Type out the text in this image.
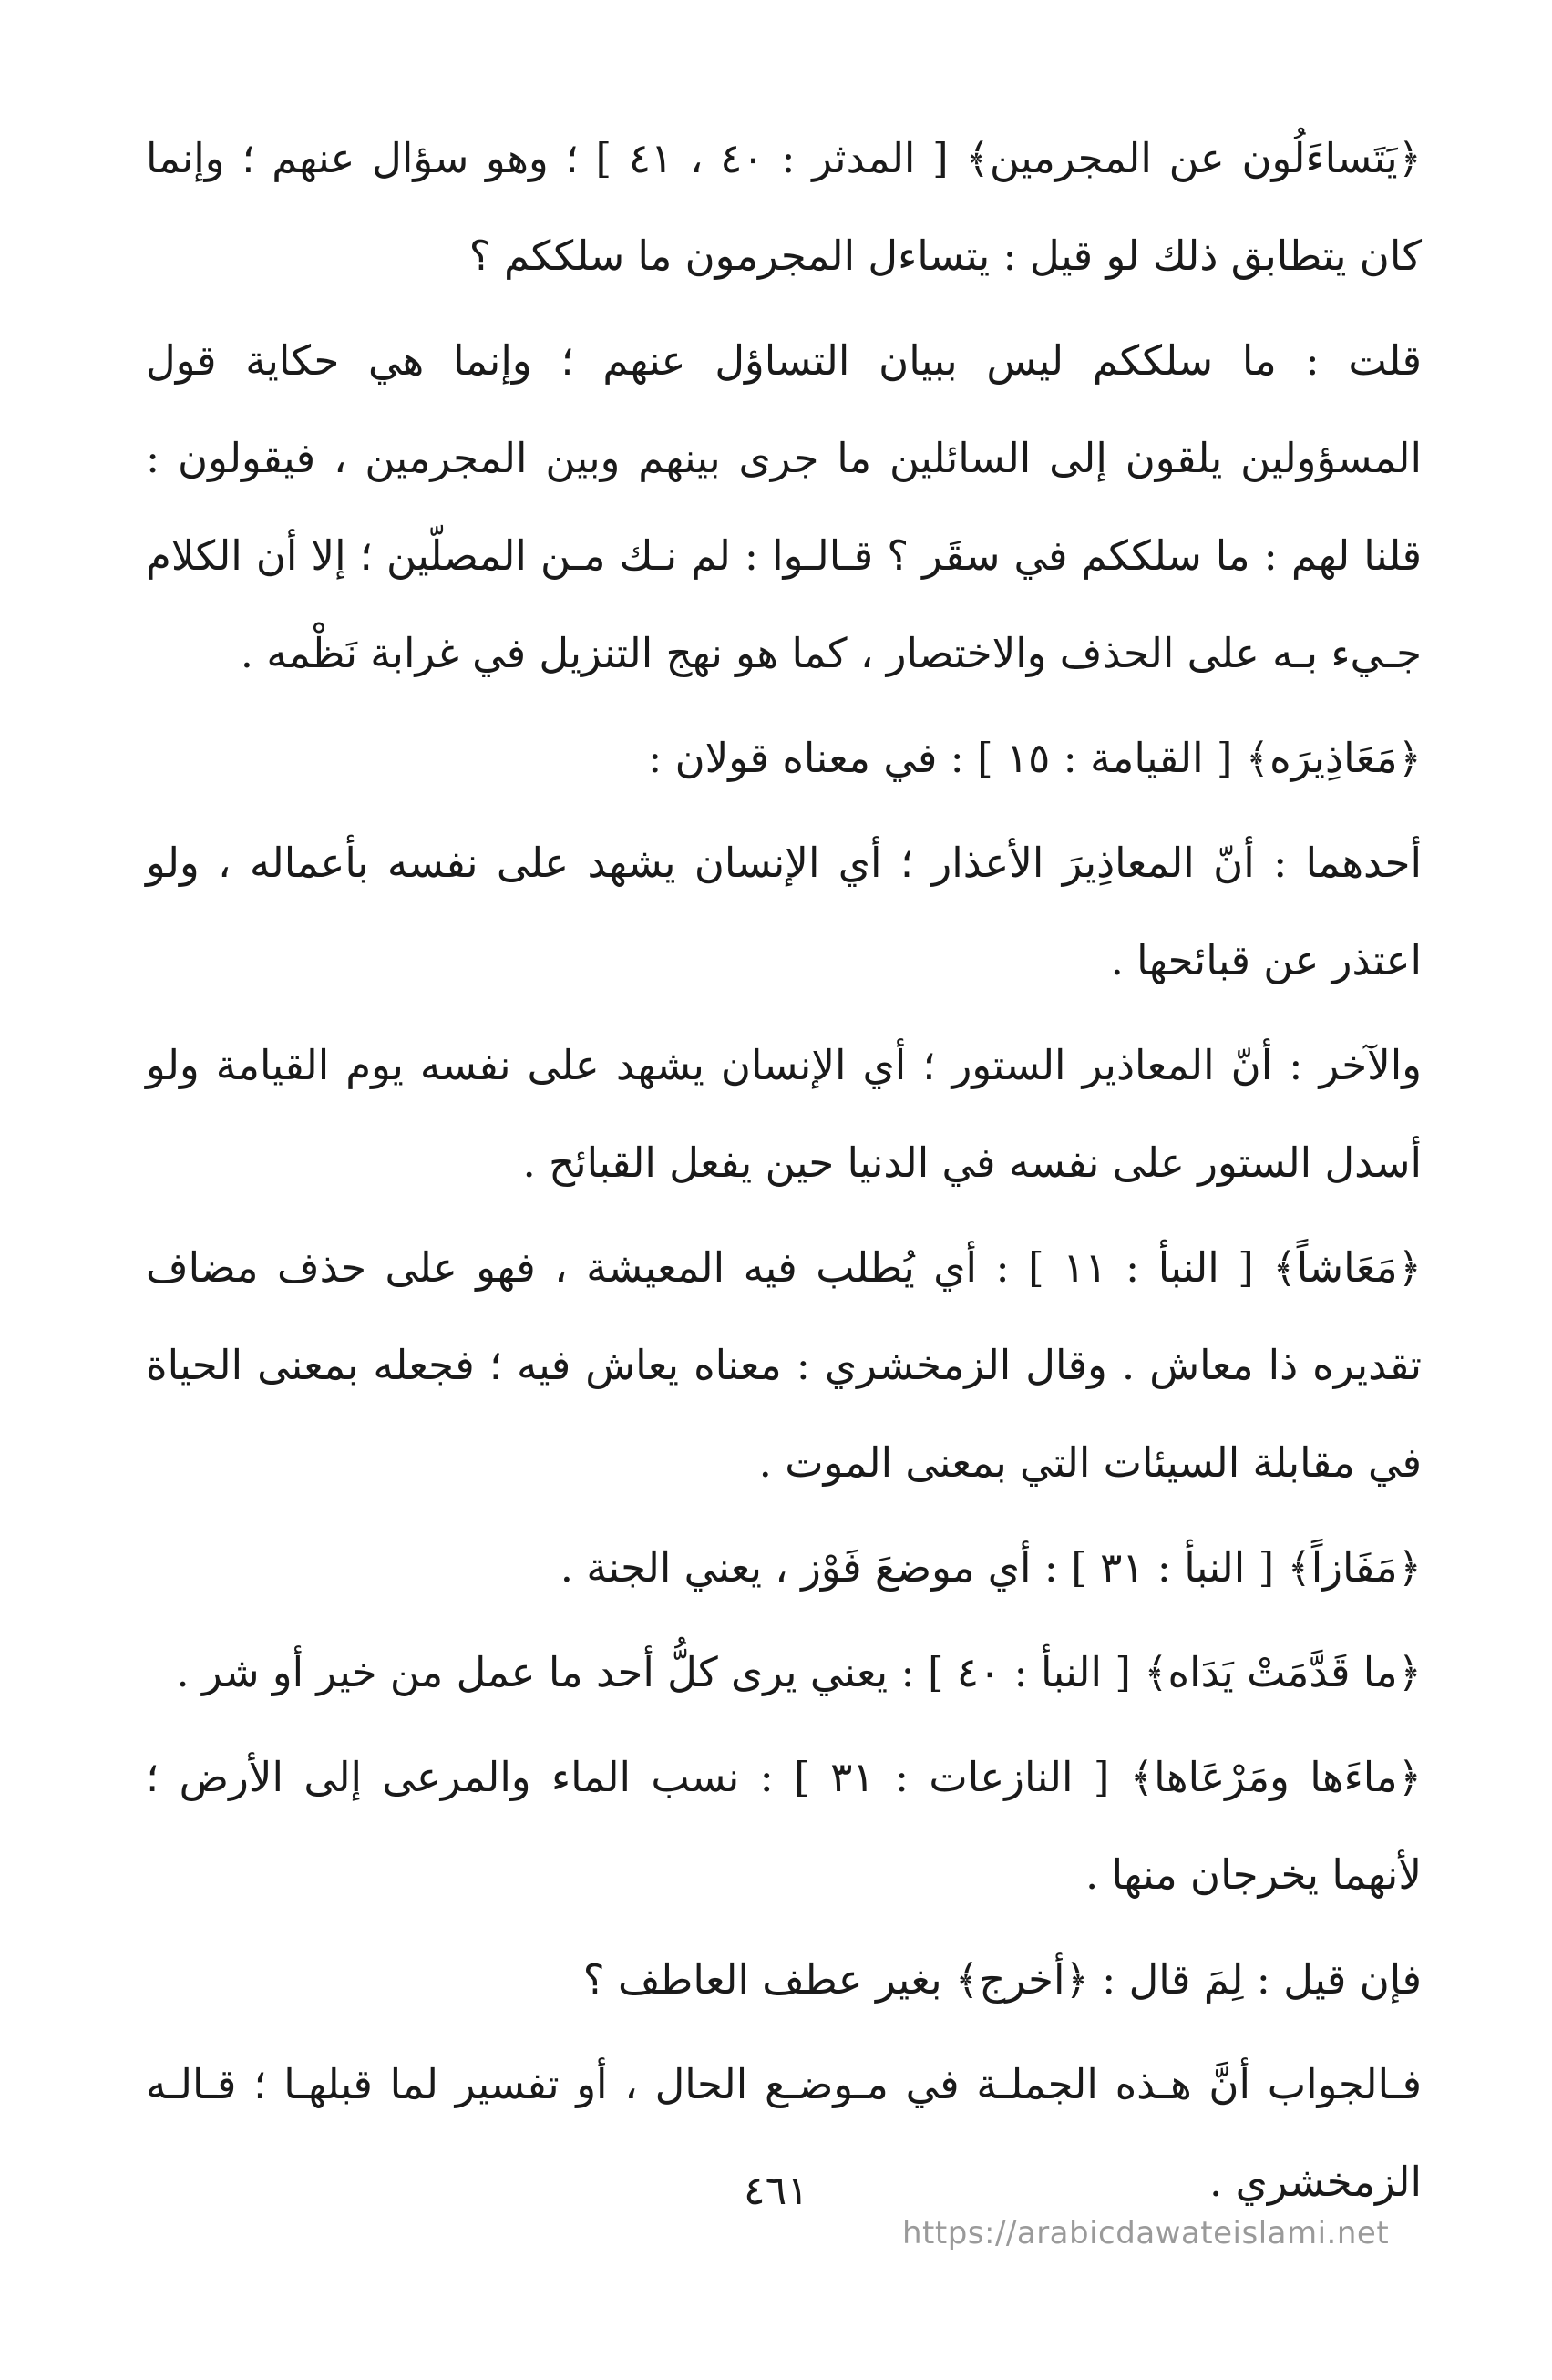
﴿يَتَساءَلُون عن المجرمين﴾ [ المدثر : ٤٠ ، ٤١ ] ؛ وهو سؤال عنهم ؛ وإنما كان يتطابق ذلك لو قيل : يتساءل المجرمون ما سلككم ؟

قلت : ما سلككم ليس ببيان التساؤل عنهم ؛ وإنما هي حكاية قول المسؤولين يلقون إلى السائلين ما جرى بينهم وبين المجرمين ، فيقولون : قلنا لهم : ما سلككم في سقَر ؟ قـالـوا : لم نـك مـن المصلّين ؛ إلا أن الكلام جـيء بـه على الحذف والاختصار ، كما هو نهج التنزيل في غرابة نَظْمه .

﴿مَعَاذِيرَه﴾ [ القيامة : ١٥ ] : في معناه قولان :

أحدهما : أنّ المعاذِيرَ الأعذار ؛ أي الإنسان يشهد على نفسه بأعماله ، ولو اعتذر عن قبائحها .

والآخر : أنّ المعاذير الستور ؛ أي الإنسان يشهد على نفسه يوم القيامة ولو أسدل الستور على نفسه في الدنيا حين يفعل القبائح .

﴿مَعَاشاً﴾ [ النبأ : ١١ ] : أي يُطلب فيه المعيشة ، فهو على حذف مضاف تقديره ذا معاش . وقال الزمخشري : معناه يعاش فيه ؛ فجعله بمعنى الحياة في مقابلة السيئات التي بمعنى الموت .

﴿مَفَازاً﴾ [ النبأ : ٣١ ] : أي موضعَ فَوْز ، يعني الجنة .

﴿ما قَدَّمَتْ يَدَاه﴾ [ النبأ : ٤٠ ] : يعني يرى كلُّ أحد ما عمل من خير أو شر .

﴿ماءَها ومَرْعَاها﴾ [ النازعات : ٣١ ] : نسب الماء والمرعى إلى الأرض ؛ لأنهما يخرجان منها .

فإن قيل : لِمَ قال : ﴿أخرج﴾ بغير عطف العاطف ؟

فـالجواب أنَّ هـذه الجملـة في مـوضـع الحال ، أو تفسير لما قبلهـا ؛ قـالـه الزمخشري .

٤٦١
https://arabicdawateislami.net
